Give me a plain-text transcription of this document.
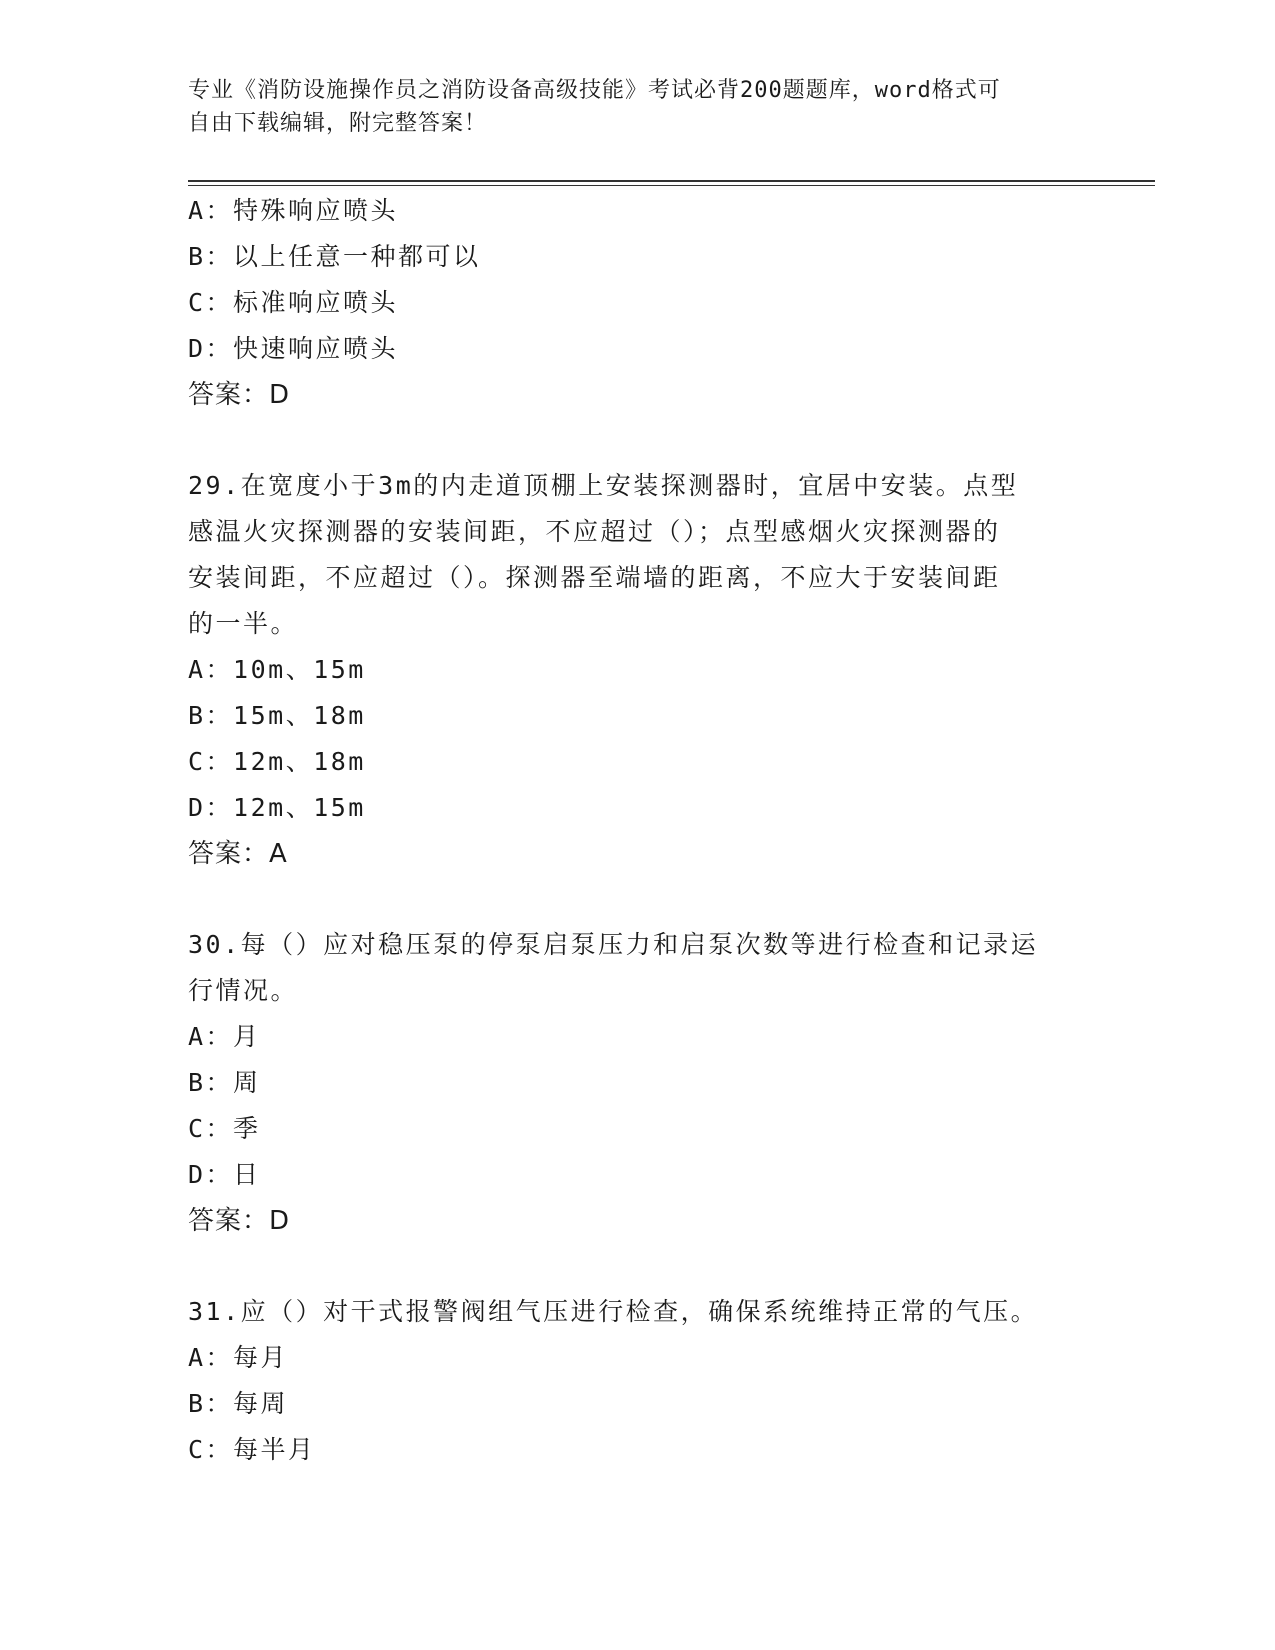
专业《消防设施操作员之消防设备高级技能》考试必背200题题库，word格式可
自由下载编辑，附完整答案！
A：特殊响应喷头
B：以上任意一种都可以
C：标准响应喷头
D：快速响应喷头
答案：D
29.在宽度小于3m的内走道顶棚上安装探测器时，宜居中安装。点型
感温火灾探测器的安装间距，不应超过（）；点型感烟火灾探测器的
安装间距，不应超过（）。探测器至端墙的距离，不应大于安装间距
的一半。
A：10m、15m
B：15m、18m
C：12m、18m
D：12m、15m
答案：A
30.每（）应对稳压泵的停泵启泵压力和启泵次数等进行检查和记录运
行情况。
A：月
B：周
C：季
D：日
答案：D
31.应（）对干式报警阀组气压进行检查，确保系统维持正常的气压。
A：每月
B：每周
C：每半月
